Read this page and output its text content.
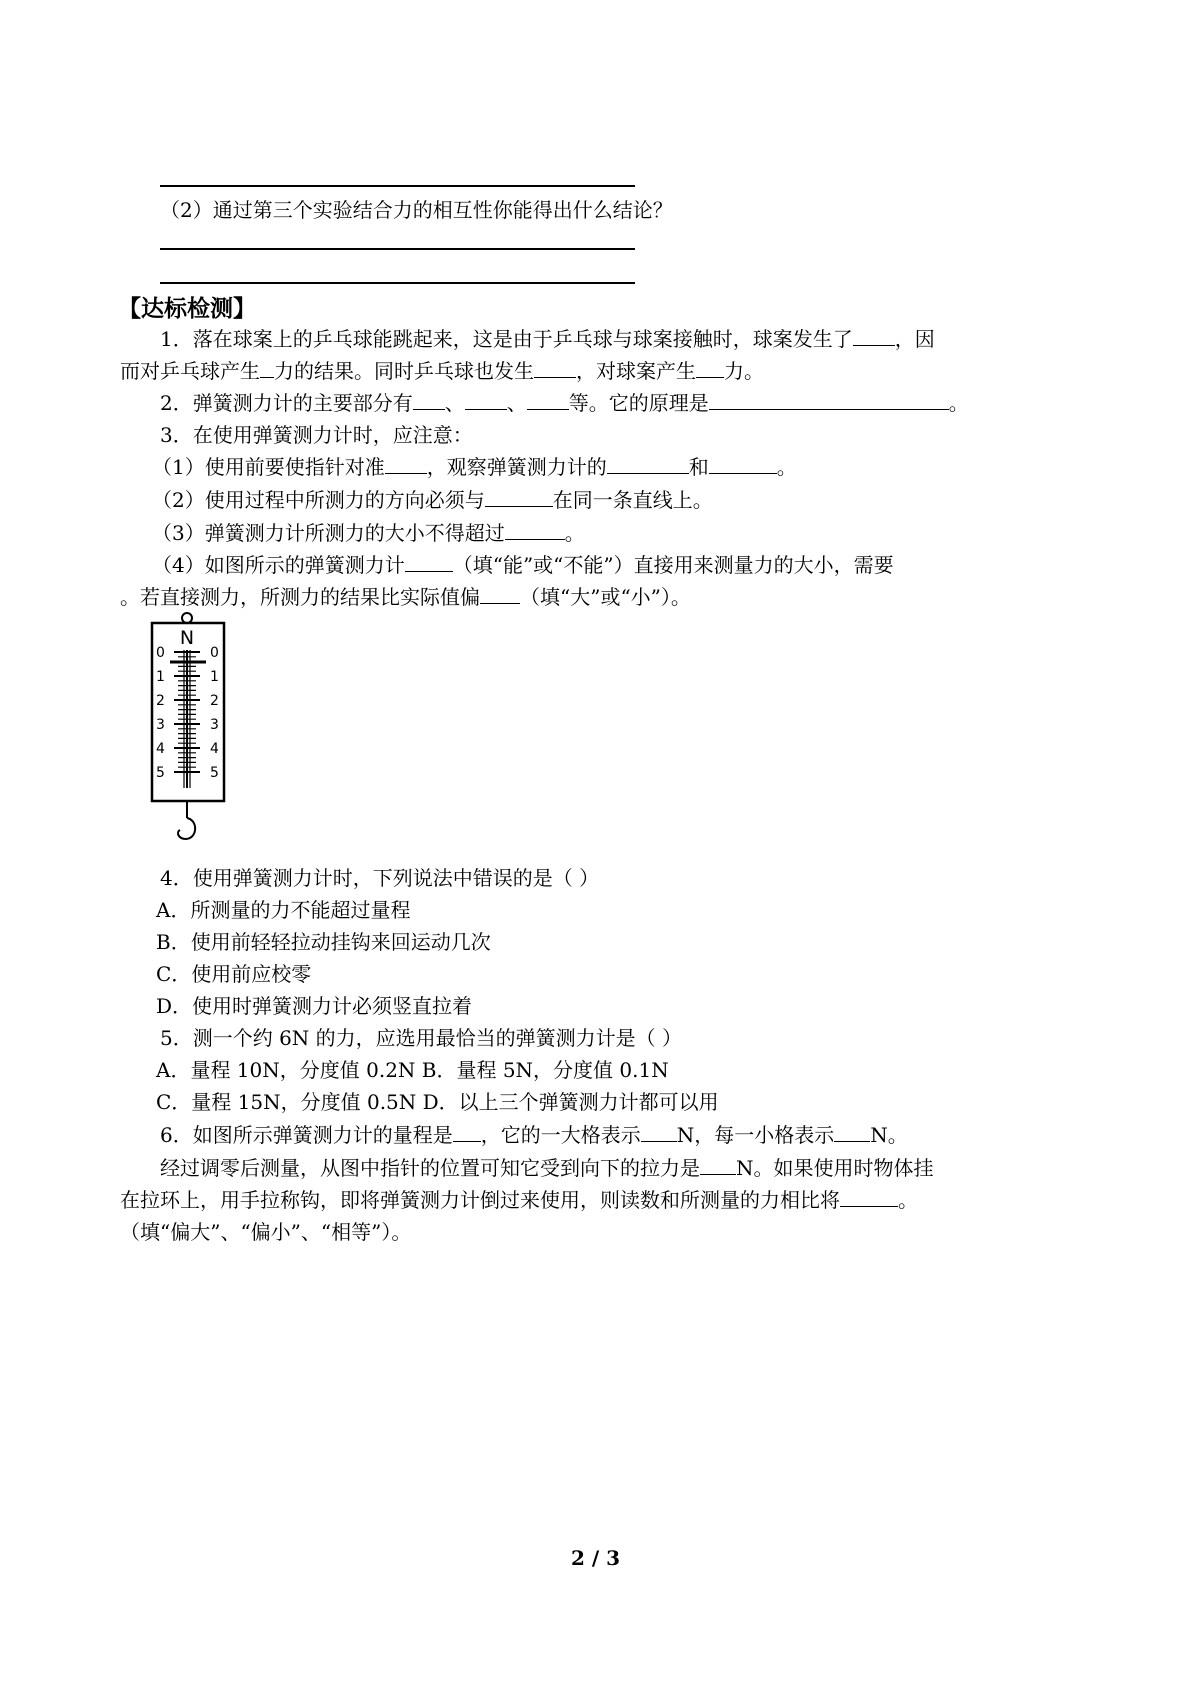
（2）通过第三个实验结合力的相互性你能得出什么结论？
【达标检测】
1．落在球案上的乒乓球能跳起来，这是由于乒乓球与球案接触时，球案发生了 ，因
而对乒乓球产生 力的结果。同时乒乓球也发生 ，对球案产生 力。
2．弹簧测力计的主要部分有 、 、 等。它的原理是	。
3．在使用弹簧测力计时，应注意：
（1）使用前要使指针对准 ，观察弹簧测力计的	和	。
（2）使用过程中所测力的方向必须与	在同一条直线上。
（3）弹簧测力计所测力的大小不得超过	。
（4）如图所示的弹簧测力计 （填“能”或“不能”）直接用来测量力的大小，需要
。若直接测力，所测力的结果比实际值偏 （填“大”或“小”）。
N
0
1
2
3
4
5
0
1
2
3
4
5
4．使用弹簧测力计时，下列说法中错误的是（ ）
A．所测量的力不能超过量程
B．使用前轻轻拉动挂钩来回运动几次
C．使用前应校零
D．使用时弹簧测力计必须竖直拉着
5．测一个约 6N 的力，应选用最恰当的弹簧测力计是（ ）
A．量程 10N，分度值 0.2N B．量程 5N，分度值 0.1N
C．量程 15N，分度值 0.5N D．以上三个弹簧测力计都可以用
6．如图所示弹簧测力计的量程是 ，它的一大格表示 N，每一小格表示 N。
经过调零后测量，从图中指针的位置可知它受到向下的拉力是 N。如果使用时物体挂
在拉环上，用手拉称钩，即将弹簧测力计倒过来使用，则读数和所测量的力相比将	。
（填“偏大”、“偏小”、“相等”）。
2 / 3
